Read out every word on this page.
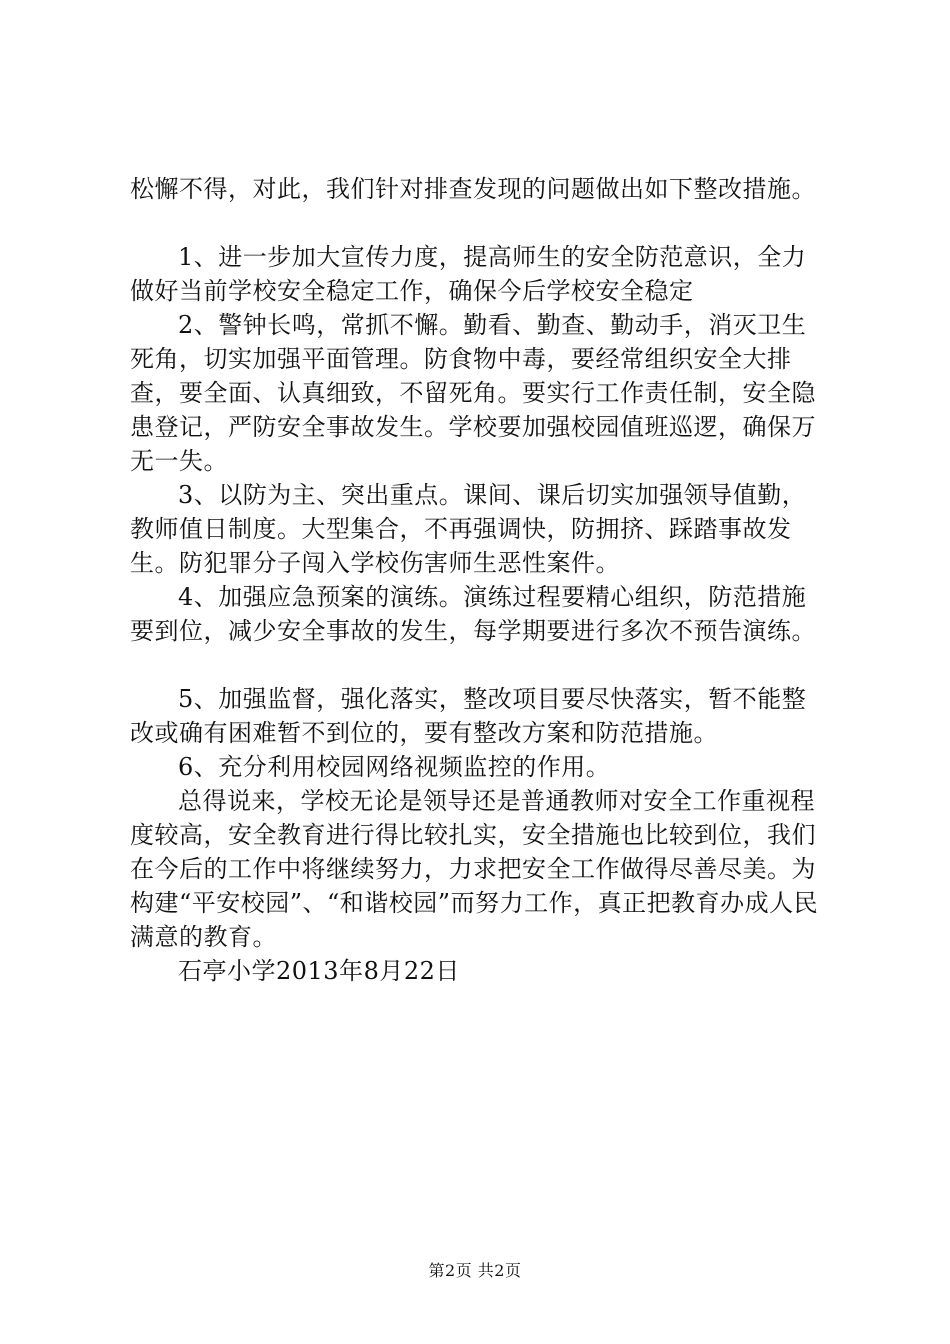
松懈不得，对此，我们针对排查发现的问题做出如下整改措施。

1、进一步加大宣传力度，提高师生的安全防范意识，全力做好当前学校安全稳定工作，确保今后学校安全稳定

2、警钟长鸣，常抓不懈。勤看、勤查、勤动手，消灭卫生死角，切实加强平面管理。防食物中毒，要经常组织安全大排查，要全面、认真细致，不留死角。要实行工作责任制，安全隐患登记，严防安全事故发生。学校要加强校园值班巡逻，确保万无一失。

3、以防为主、突出重点。课间、课后切实加强领导值勤，教师值日制度。大型集合，不再强调快，防拥挤、踩踏事故发生。防犯罪分子闯入学校伤害师生恶性案件。

4、加强应急预案的演练。演练过程要精心组织，防范措施要到位，减少安全事故的发生，每学期要进行多次不预告演练。

5、加强监督，强化落实，整改项目要尽快落实，暂不能整改或确有困难暂不到位的，要有整改方案和防范措施。

6、充分利用校园网络视频监控的作用。

总得说来，学校无论是领导还是普通教师对安全工作重视程度较高，安全教育进行得比较扎实，安全措施也比较到位，我们在今后的工作中将继续努力，力求把安全工作做得尽善尽美。为构建“平安校园”、“和谐校园”而努力工作，真正把教育办成人民满意的教育。

石亭小学2013年8月22日

第2页 共2页
